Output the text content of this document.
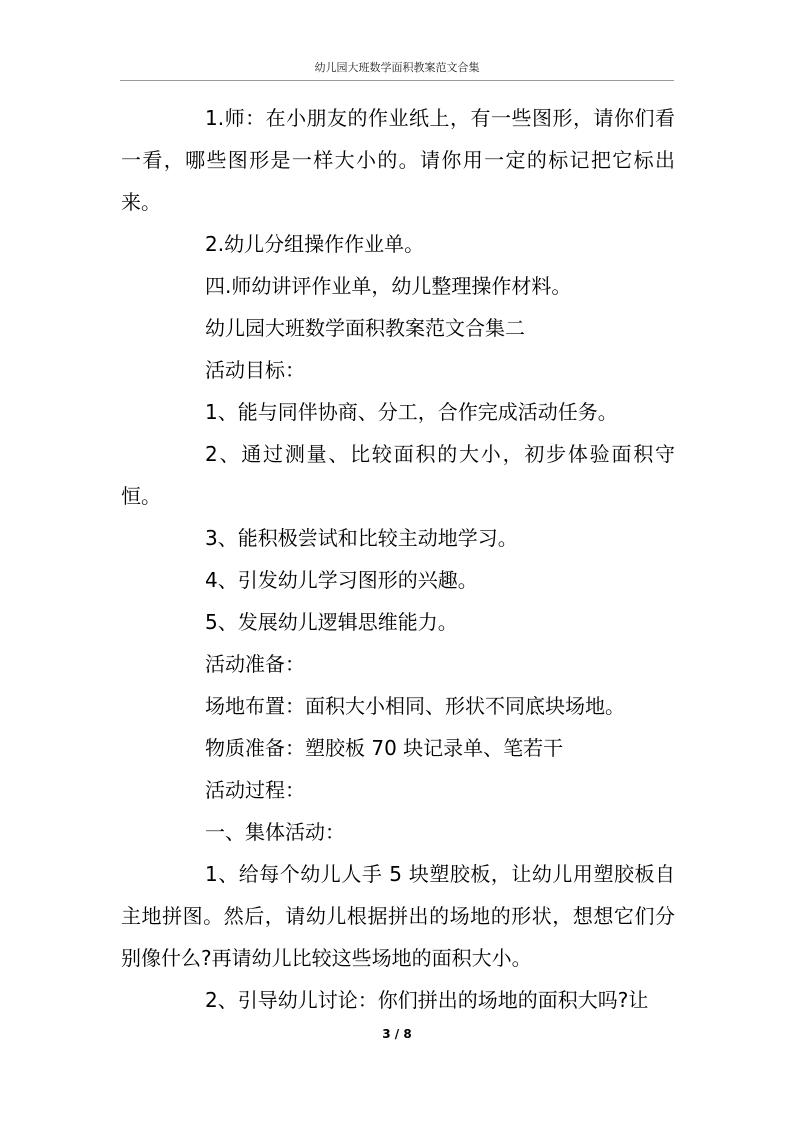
幼儿园大班数学面积教案范文合集

1.师：在小朋友的作业纸上，有一些图形，请你们看一看，哪些图形是一样大小的。请你用一定的标记把它标出来。

2.幼儿分组操作作业单。

四.师幼讲评作业单，幼儿整理操作材料。

幼儿园大班数学面积教案范文合集二

活动目标：

1、能与同伴协商、分工，合作完成活动任务。

2、通过测量、比较面积的大小，初步体验面积守恒。

3、能积极尝试和比较主动地学习。

4、引发幼儿学习图形的兴趣。

5、发展幼儿逻辑思维能力。

活动准备：

场地布置：面积大小相同、形状不同底块场地。

物质准备：塑胶板 70 块记录单、笔若干

活动过程：

一、集体活动：

1、给每个幼儿人手 5 块塑胶板，让幼儿用塑胶板自主地拼图。然后，请幼儿根据拼出的场地的形状，想想它们分别像什么?再请幼儿比较这些场地的面积大小。

2、引导幼儿讨论：你们拼出的场地的面积大吗?让

3 / 8
